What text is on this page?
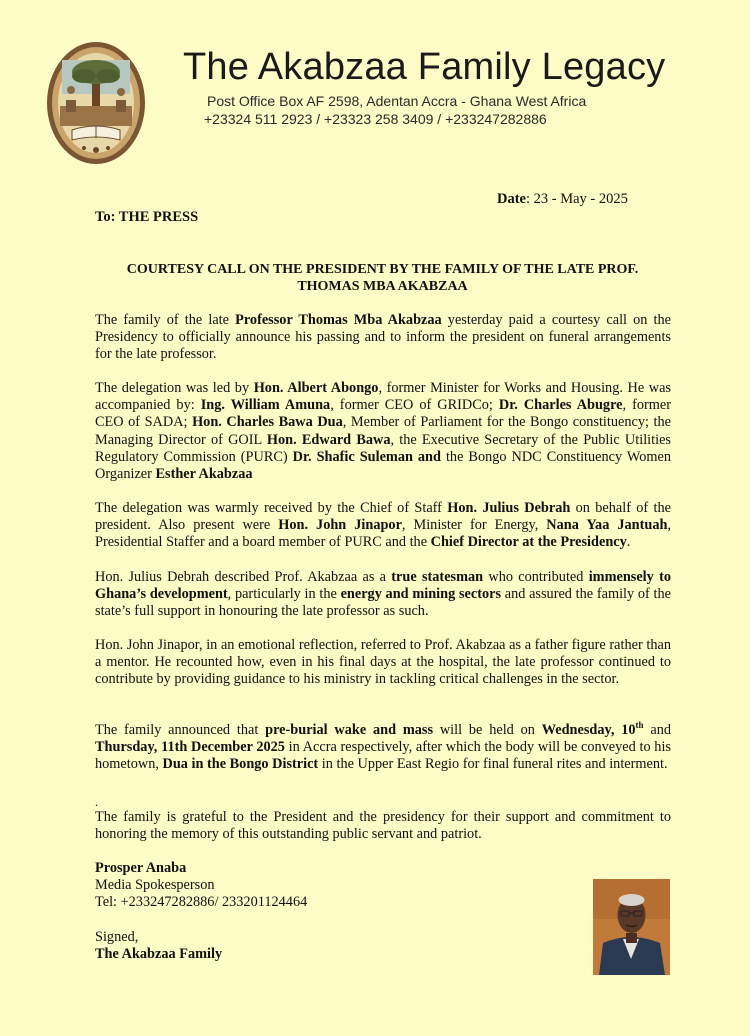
The Akabzaa Family Legacy
Post Office Box AF 2598, Adentan Accra - Ghana West Africa
+23324 511 2923 / +23323 258 3409 / +233247282886
Date: 23 - May - 2025
To: THE PRESS
COURTESY CALL ON THE PRESIDENT BY THE FAMILY OF THE LATE PROF.
THOMAS MBA AKABZAA
The family of the late Professor Thomas Mba Akabzaa yesterday paid a courtesy call on the Presidency to officially announce his passing and to inform the president on funeral arrangements for the late professor.
The delegation was led by Hon. Albert Abongo, former Minister for Works and Housing. He was accompanied by: Ing. William Amuna, former CEO of GRIDCo; Dr. Charles Abugre, former CEO of SADA; Hon. Charles Bawa Dua, Member of Parliament for the Bongo constituency; the Managing Director of GOIL Hon. Edward Bawa, the Executive Secretary of the Public Utilities Regulatory Commission (PURC) Dr. Shafic Suleman and the Bongo NDC Constituency Women Organizer Esther Akabzaa
The delegation was warmly received by the Chief of Staff Hon. Julius Debrah on behalf of the president. Also present were Hon. John Jinapor, Minister for Energy, Nana Yaa Jantuah, Presidential Staffer and a board member of PURC and the Chief Director at the Presidency.
Hon. Julius Debrah described Prof. Akabzaa as a true statesman who contributed immensely to Ghana’s development, particularly in the energy and mining sectors and assured the family of the state’s full support in honouring the late professor as such.
Hon. John Jinapor, in an emotional reflection, referred to Prof. Akabzaa as a father figure rather than a mentor. He recounted how, even in his final days at the hospital, the late professor continued to contribute by providing guidance to his ministry in tackling critical challenges in the sector.
The family announced that pre-burial wake and mass will be held on Wednesday, 10th and Thursday, 11th December 2025 in Accra respectively, after which the body will be conveyed to his hometown, Dua in the Bongo District in the Upper East Regio for final funeral rites and interment.
.
The family is grateful to the President and the presidency for their support and commitment to honoring the memory of this outstanding public servant and patriot.
Prosper Anaba
Media Spokesperson
Tel: +233247282886/ 233201124464
Signed,
The Akabzaa Family
